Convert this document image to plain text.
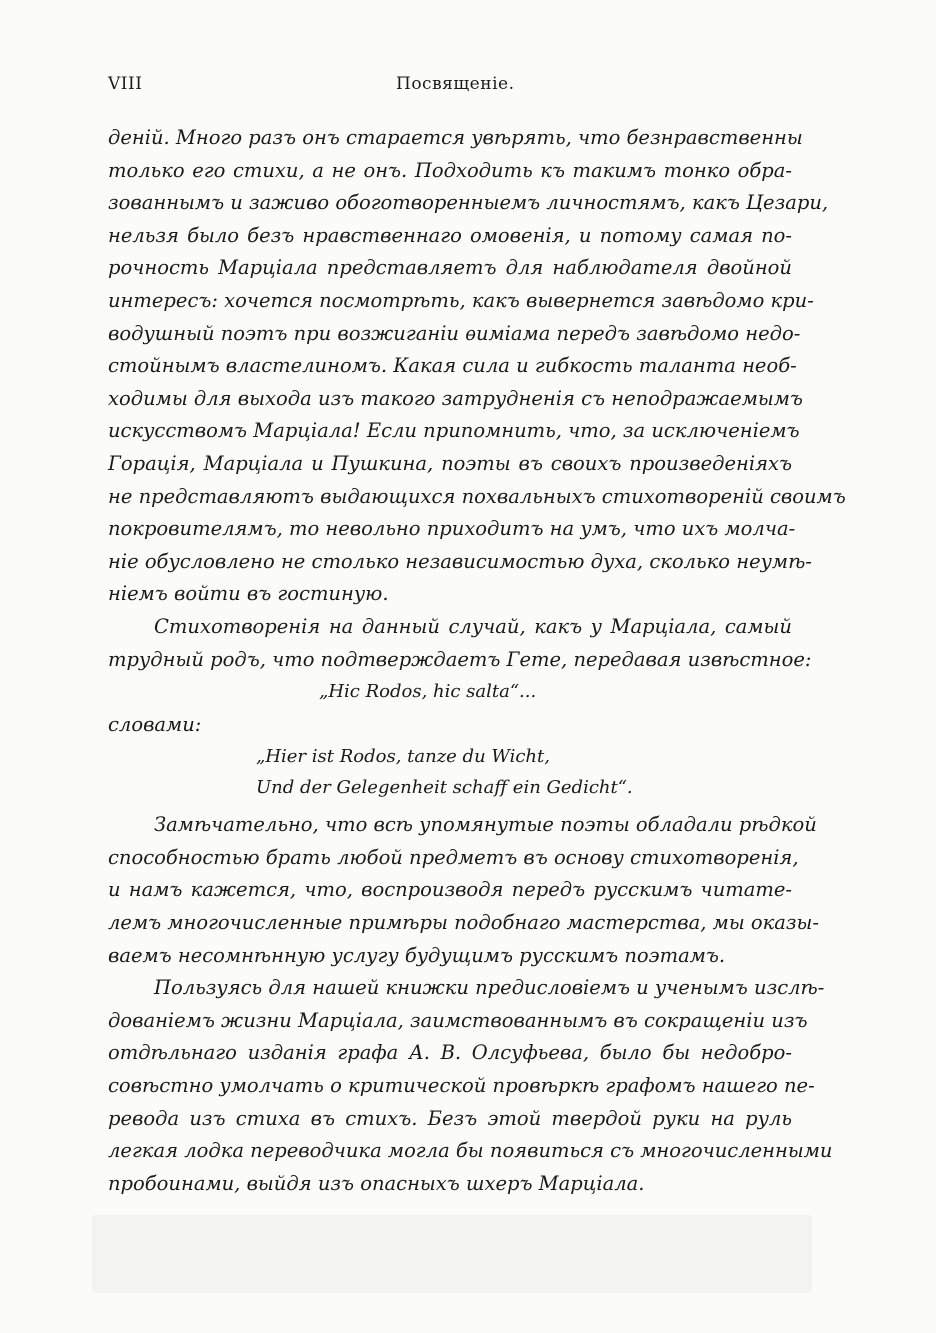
VIII	Посвященіе.
деній. Много разъ онъ старается увѣрять, что безнравственны
только его стихи, а не онъ. Подходить къ такимъ тонко обра-
зованнымъ и заживо обоготворенныемъ личностямъ, какъ Цезари,
нельзя было безъ нравственнаго омовенія, и потому самая по-
рочность Марціала представляетъ для наблюдателя двойной
интересъ: хочется посмотрѣть, какъ вывернется завѣдомо кри-
водушный поэтъ при возжиганіи ѳиміама передъ завѣдомо недо-
стойнымъ властелиномъ. Какая сила и гибкость таланта необ-
ходимы для выхода изъ такого затрудненія съ неподражаемымъ
искусствомъ Марціала! Если припомнить, что, за исключеніемъ
Горація, Марціала и Пушкина, поэты въ своихъ произведеніяхъ
не представляютъ выдающихся похвальныхъ стихотвореній своимъ
покровителямъ, то невольно приходитъ на умъ, что ихъ молча-
ніе обусловлено не столько независимостью духа, сколько неумѣ-
ніемъ войти въ гостиную.
Стихотворенія на данный случай, какъ у Марціала, самый
трудный родъ, что подтверждаетъ Гете, передавая извѣстное:
„Hic Rodos, hic salta“...
словами:
„Hier ist Rodos, tanze du Wicht,
Und der Gelegenheit schaff ein Gedicht“.
Замѣчательно, что всѣ упомянутые поэты обладали рѣдкой
способностью брать любой предметъ въ основу стихотворенія,
и намъ кажется, что, воспроизводя передъ русскимъ читате-
лемъ многочисленные примѣры подобнаго мастерства, мы оказы-
ваемъ несомнѣнную услугу будущимъ русскимъ поэтамъ.
Пользуясь для нашей книжки предисловіемъ и ученымъ изслѣ-
дованіемъ жизни Марціала, заимствованнымъ въ сокращеніи изъ
отдѣльнаго изданія графа А. В. Олсуфьева, было бы недобро-
совѣстно умолчать о критической провѣркѣ графомъ нашего пе-
ревода изъ стиха въ стихъ. Безъ этой твердой руки на руль
легкая лодка переводчика могла бы появиться съ многочисленными
пробоинами, выйдя изъ опасныхъ шхеръ Марціала.
